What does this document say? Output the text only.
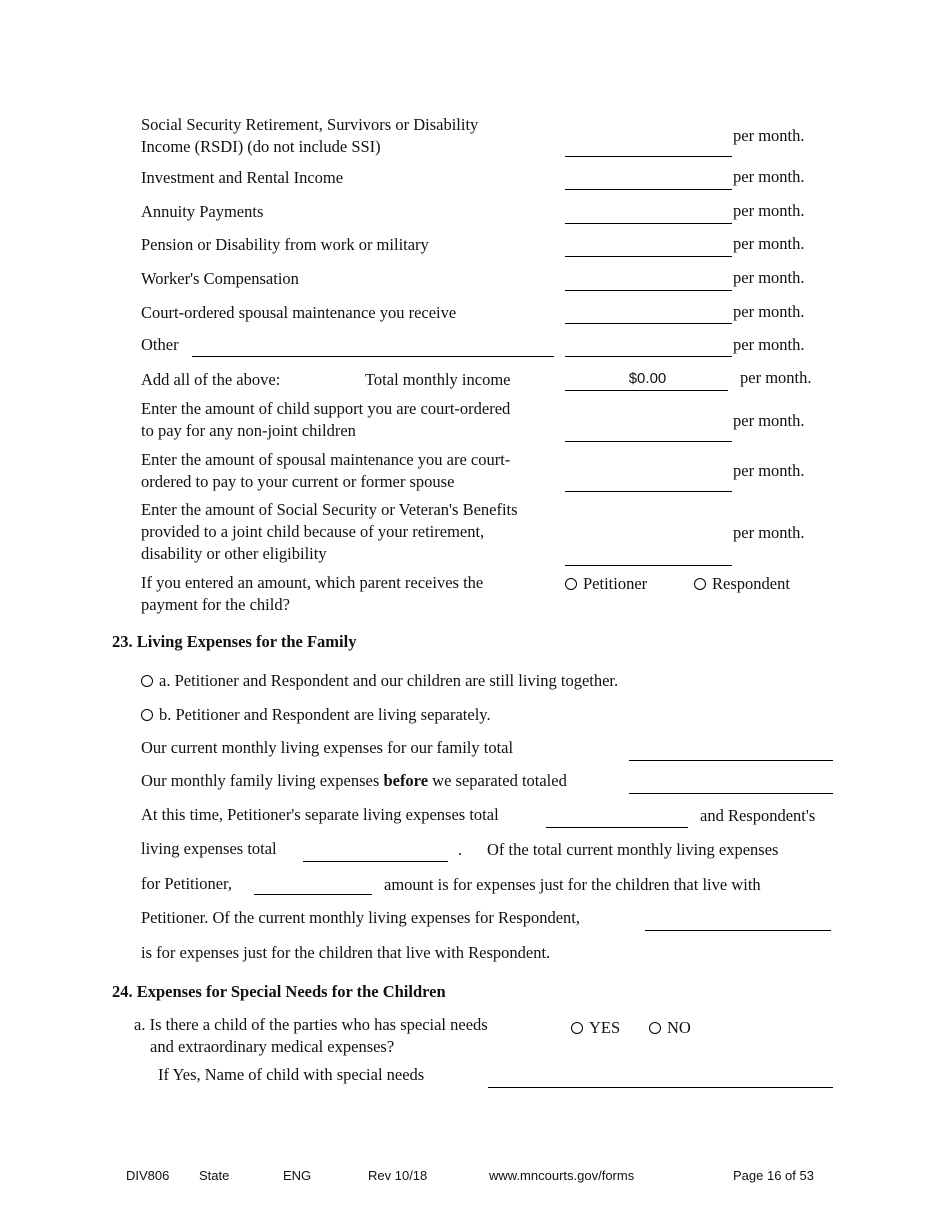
Social Security Retirement, Survivors or Disability
Income (RSDI) (do not include SSI)
per month.
Investment and Rental Income	per month.
Annuity Payments	per month.
Pension or Disability from work or military	per month.
Worker's Compensation	per month.
Court-ordered spousal maintenance you receive	per month.
Other	per month.
Add all of the above:	Total monthly income	$0.00	per month.
Enter the amount of child support you are court-ordered
to pay for any non-joint children
per month.
Enter the amount of spousal maintenance you are court-
ordered to pay to your current or former spouse
per month.
Enter the amount of Social Security or Veteran's Benefits
provided to a joint child because of your retirement,
disability or other eligibility
per month.
If you entered an amount, which parent receives the
payment for the child?
Petitioner	Respondent
23. Living Expenses for the Family
a. Petitioner and Respondent and our children are still living together.
b. Petitioner and Respondent are living separately.
Our current monthly living expenses for our family total
Our monthly family living expenses before we separated totaled
At this time, Petitioner's separate living expenses total	and Respondent's
living expenses total	. Of the total current monthly living expenses
for Petitioner,	amount is for expenses just for the children that live with
Petitioner. Of the current monthly living expenses for Respondent,
is for expenses just for the children that live with Respondent.
24. Expenses for Special Needs for the Children
a. Is there a child of the parties who has special needs
and extraordinary medical expenses?
YES	NO
If Yes, Name of child with special needs
DIV806 State	ENG	Rev 10/18	www.mncourts.gov/forms	Page 16 of 53
